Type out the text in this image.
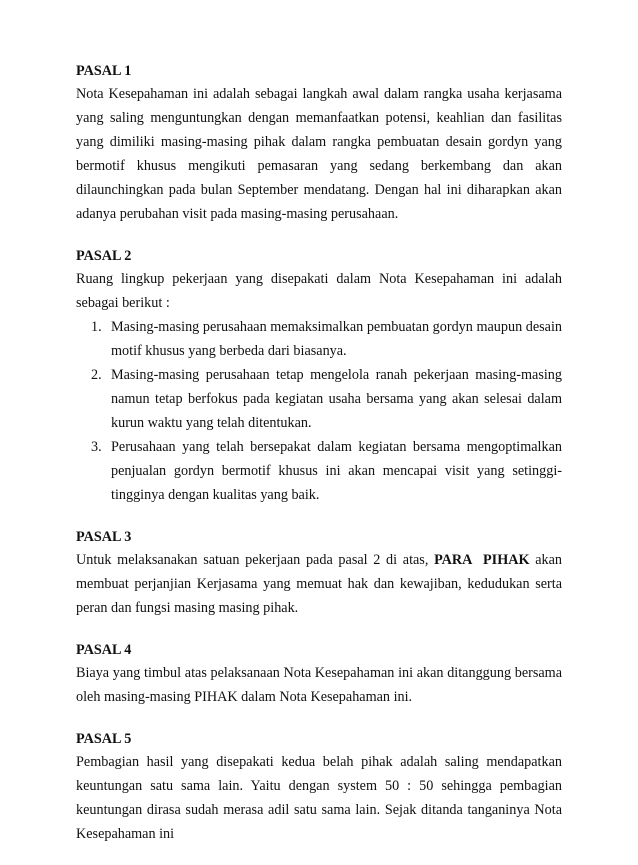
PASAL 1

Nota Kesepahaman ini adalah sebagai langkah awal dalam rangka usaha kerjasama yang saling menguntungkan dengan memanfaatkan potensi, keahlian dan fasilitas yang dimiliki masing-masing pihak dalam rangka pembuatan desain gordyn yang bermotif khusus mengikuti pemasaran yang sedang berkembang dan akan dilaunchingkan pada bulan September mendatang. Dengan hal ini diharapkan akan adanya perubahan visit pada masing-masing perusahaan.

PASAL 2

Ruang lingkup pekerjaan yang disepakati dalam Nota Kesepahaman ini adalah sebagai berikut :

1. Masing-masing perusahaan memaksimalkan pembuatan gordyn maupun desain motif khusus yang berbeda dari biasanya.
2. Masing-masing perusahaan tetap mengelola ranah pekerjaan masing-masing namun tetap berfokus pada kegiatan usaha bersama yang akan selesai dalam kurun waktu yang telah ditentukan.
3. Perusahaan yang telah bersepakat dalam kegiatan bersama mengoptimalkan penjualan gordyn bermotif khusus ini akan mencapai visit yang setinggi-tingginya dengan kualitas yang baik.

PASAL 3

Untuk melaksanakan satuan pekerjaan pada pasal 2 di atas, PARA  PIHAK akan membuat perjanjian Kerjasama yang memuat hak dan kewajiban, kedudukan serta peran dan fungsi masing masing pihak.

PASAL 4

Biaya yang timbul atas pelaksanaan Nota Kesepahaman ini akan ditanggung bersama oleh masing-masing PIHAK dalam Nota Kesepahaman ini.

PASAL 5

Pembagian hasil yang disepakati kedua belah pihak adalah saling mendapatkan keuntungan satu sama lain. Yaitu dengan system 50 : 50 sehingga pembagian keuntungan dirasa sudah merasa adil satu sama lain. Sejak ditanda tanganinya Nota Kesepahaman ini
